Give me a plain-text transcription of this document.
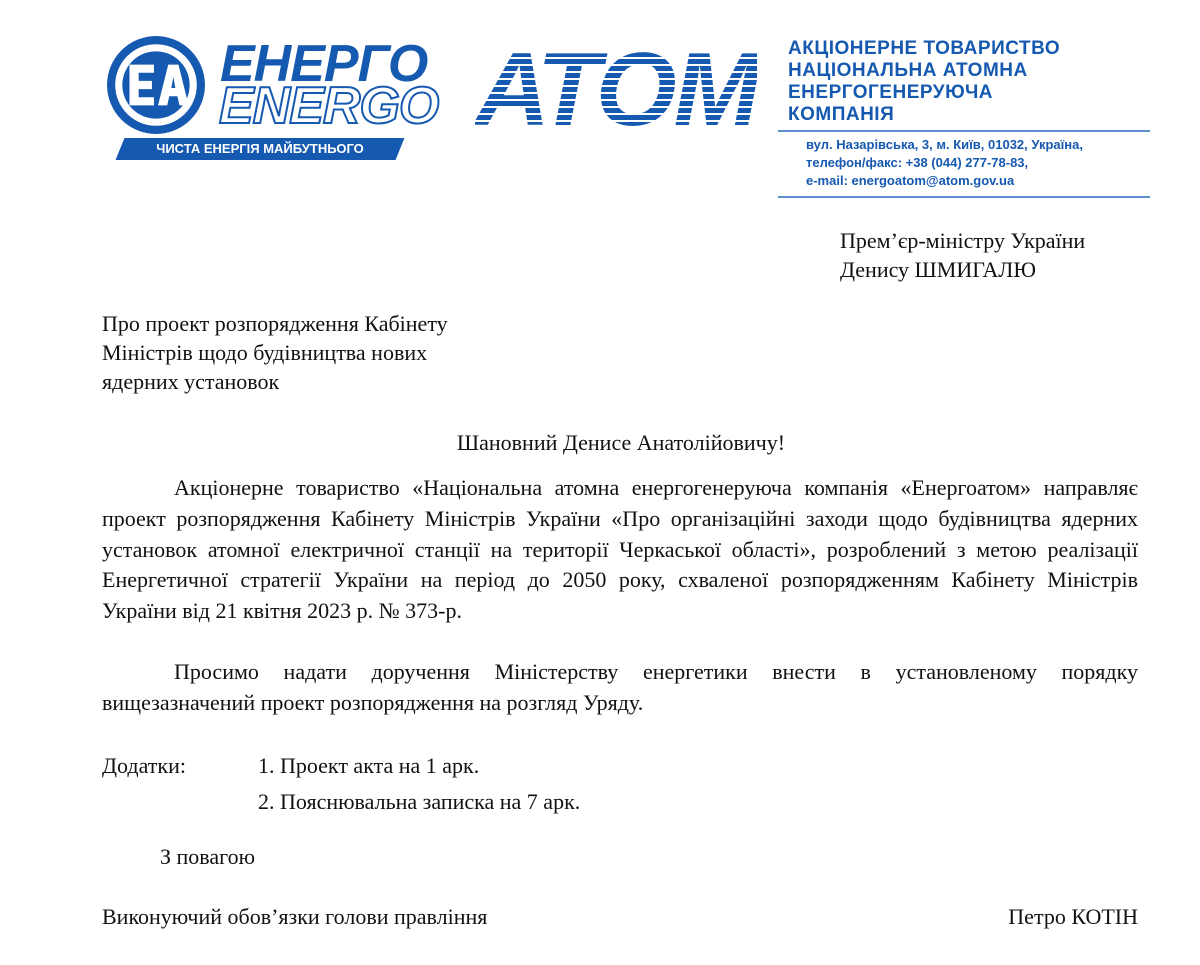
ЕНЕРГО
ENERGO АТОМ
ЧИСТА ЕНЕРГІЯ МАЙБУТНЬОГО
АКЦІОНЕРНЕ ТОВАРИСТВО
НАЦІОНАЛЬНА АТОМНА
ЕНЕРГОГЕНЕРУЮЧА
КОМПАНІЯ
вул. Назарівська, 3, м. Київ, 01032, Україна,
телефон/факс: +38 (044) 277-78-83,
e-mail: energoatom@atom.gov.ua
Прем’єр-міністру України
Денису ШМИГАЛЮ
Про проект розпорядження Кабінету
Міністрів щодо будівництва нових
ядерних установок
Шановний Денисе Анатолійовичу!
Акціонерне товариство «Національна атомна енергогенеруюча компанія «Енергоатом» направляє проект розпорядження Кабінету Міністрів України «Про організаційні заходи щодо будівництва ядерних установок атомної електричної станції на території Черкаської області», розроблений з метою реалізації Енергетичної стратегії України на період до 2050 року, схваленої розпорядженням Кабінету Міністрів України від 21 квітня 2023 р. № 373-р.
Просимо надати доручення Міністерству енергетики внести в установленому порядку вищезазначений проект розпорядження на розгляд Уряду.
Додатки:	1. Проект акта на 1 арк.
2. Пояснювальна записка на 7 арк.
З повагою
Виконуючий обов’язки голови правління	Петро КОТІН
